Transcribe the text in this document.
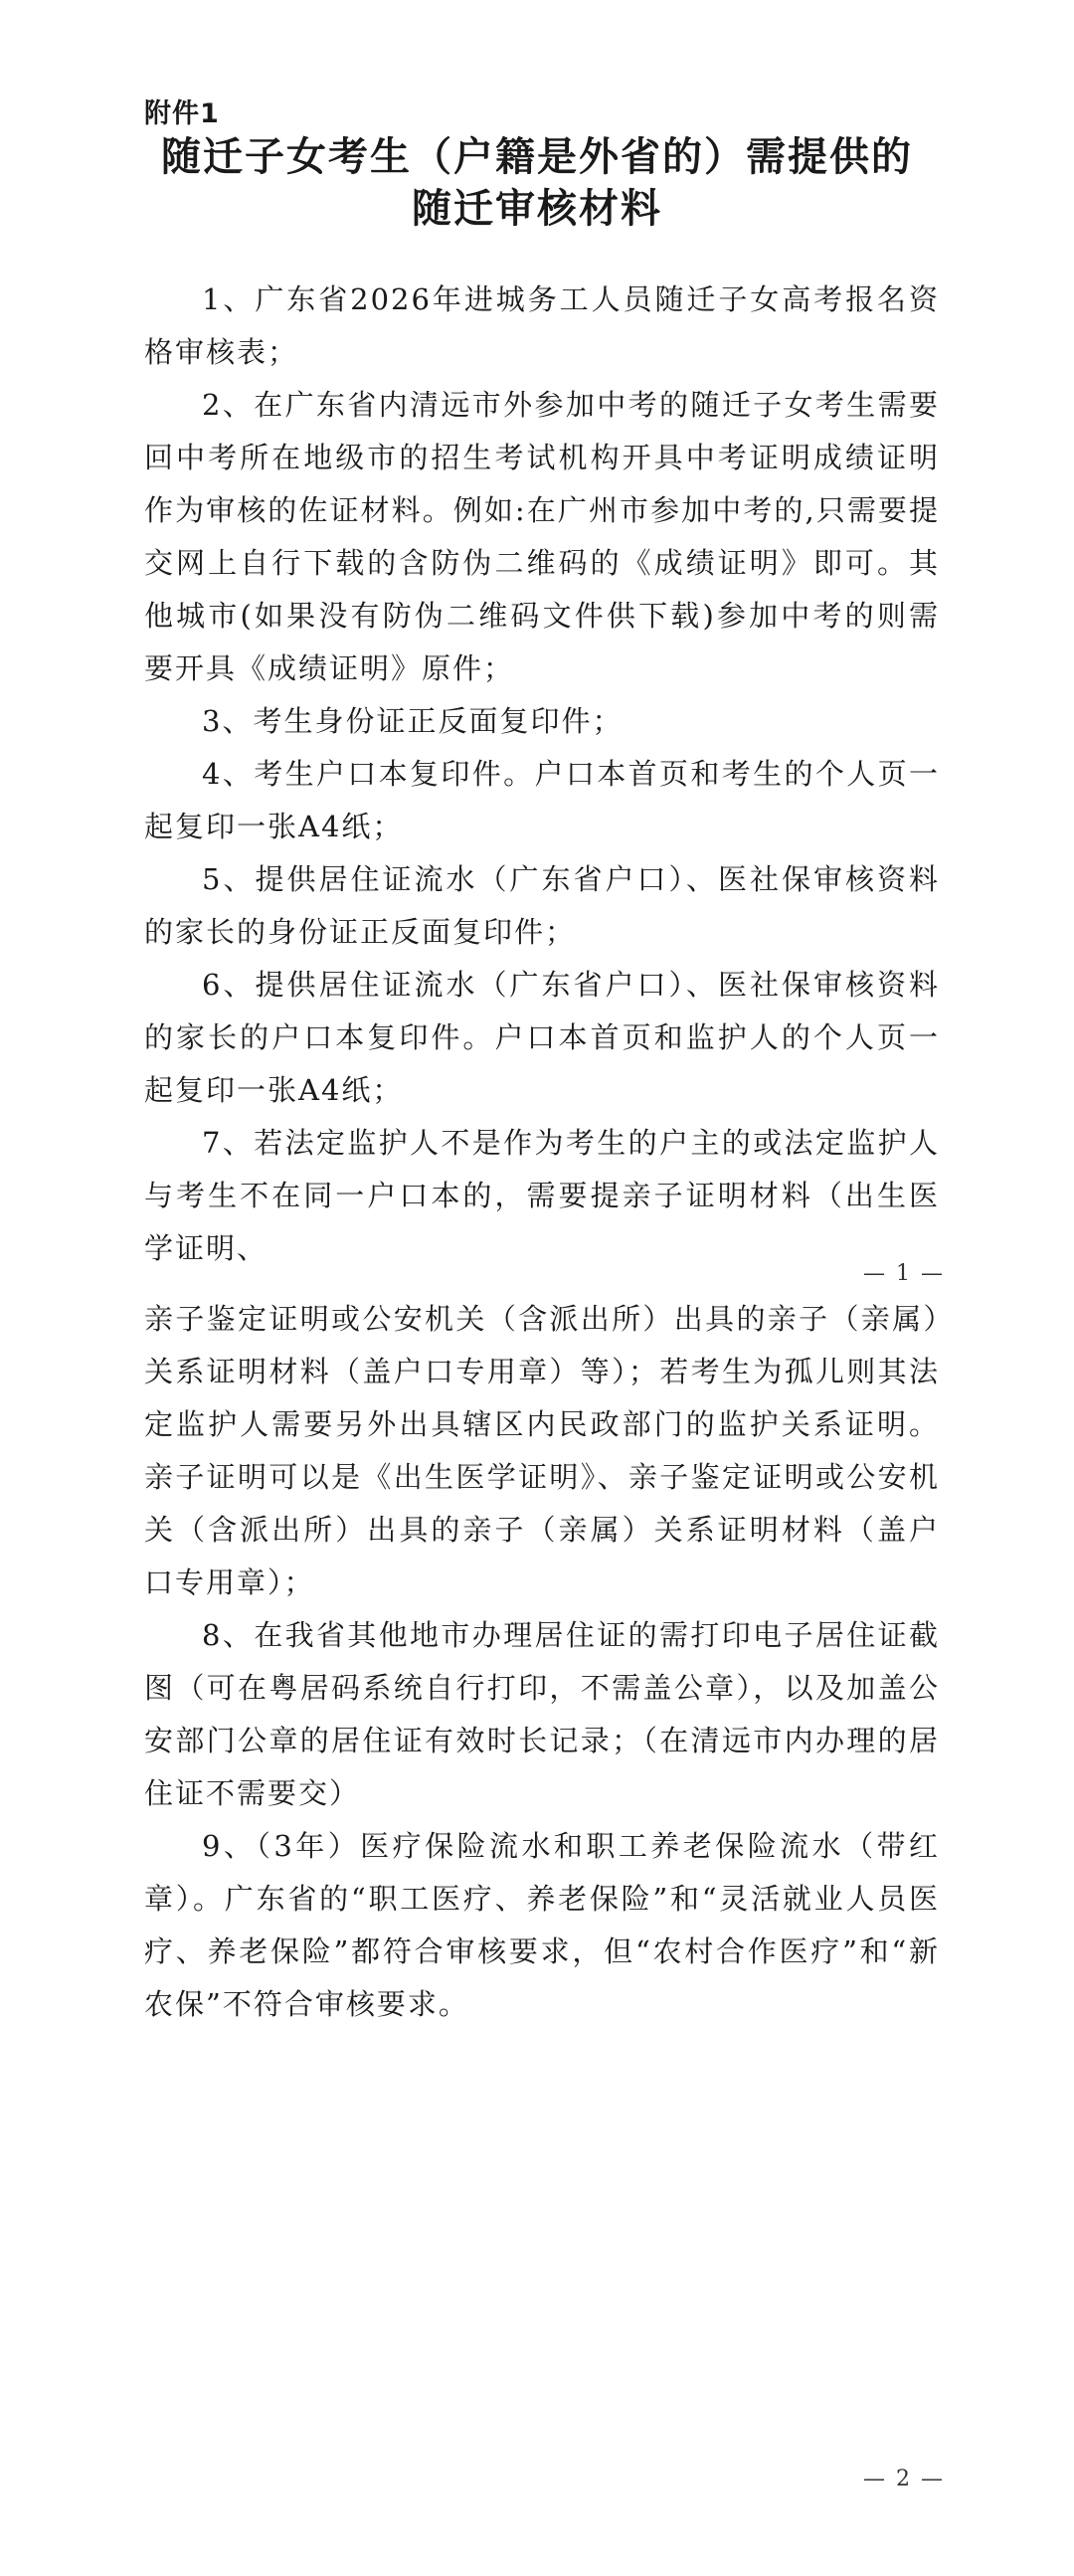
附件1
随迁子女考生（户籍是外省的）需提供的
随迁审核材料

1、广东省2026年进城务工人员随迁子女高考报名资格审核表；

2、在广东省内清远市外参加中考的随迁子女考生需要回中考所在地级市的招生考试机构开具中考证明成绩证明作为审核的佐证材料。例如:在广州市参加中考的,只需要提交网上自行下载的含防伪二维码的《成绩证明》即可。其他城市(如果没有防伪二维码文件供下载)参加中考的则需要开具《成绩证明》原件；

3、考生身份证正反面复印件；

4、考生户口本复印件。户口本首页和考生的个人页一起复印一张A4纸；

5、提供居住证流水（广东省户口）、医社保审核资料的家长的身份证正反面复印件；

6、提供居住证流水（广东省户口）、医社保审核资料的家长的户口本复印件。户口本首页和监护人的个人页一起复印一张A4纸；

7、若法定监护人不是作为考生的户主的或法定监护人与考生不在同一户口本的，需要提亲子证明材料（出生医学证明、

— 1 —

亲子鉴定证明或公安机关（含派出所）出具的亲子（亲属）关系证明材料（盖户口专用章）等）；若考生为孤儿则其法定监护人需要另外出具辖区内民政部门的监护关系证明。亲子证明可以是《出生医学证明》、亲子鉴定证明或公安机关（含派出所）出具的亲子（亲属）关系证明材料（盖户口专用章）；

8、在我省其他地市办理居住证的需打印电子居住证截图（可在粤居码系统自行打印，不需盖公章），以及加盖公安部门公章的居住证有效时长记录；（在清远市内办理的居住证不需要交）

9、（3年）医疗保险流水和职工养老保险流水（带红章）。广东省的“职工医疗、养老保险”和“灵活就业人员医疗、养老保险”都符合审核要求，但“农村合作医疗”和“新农保”不符合审核要求。

— 2 —
